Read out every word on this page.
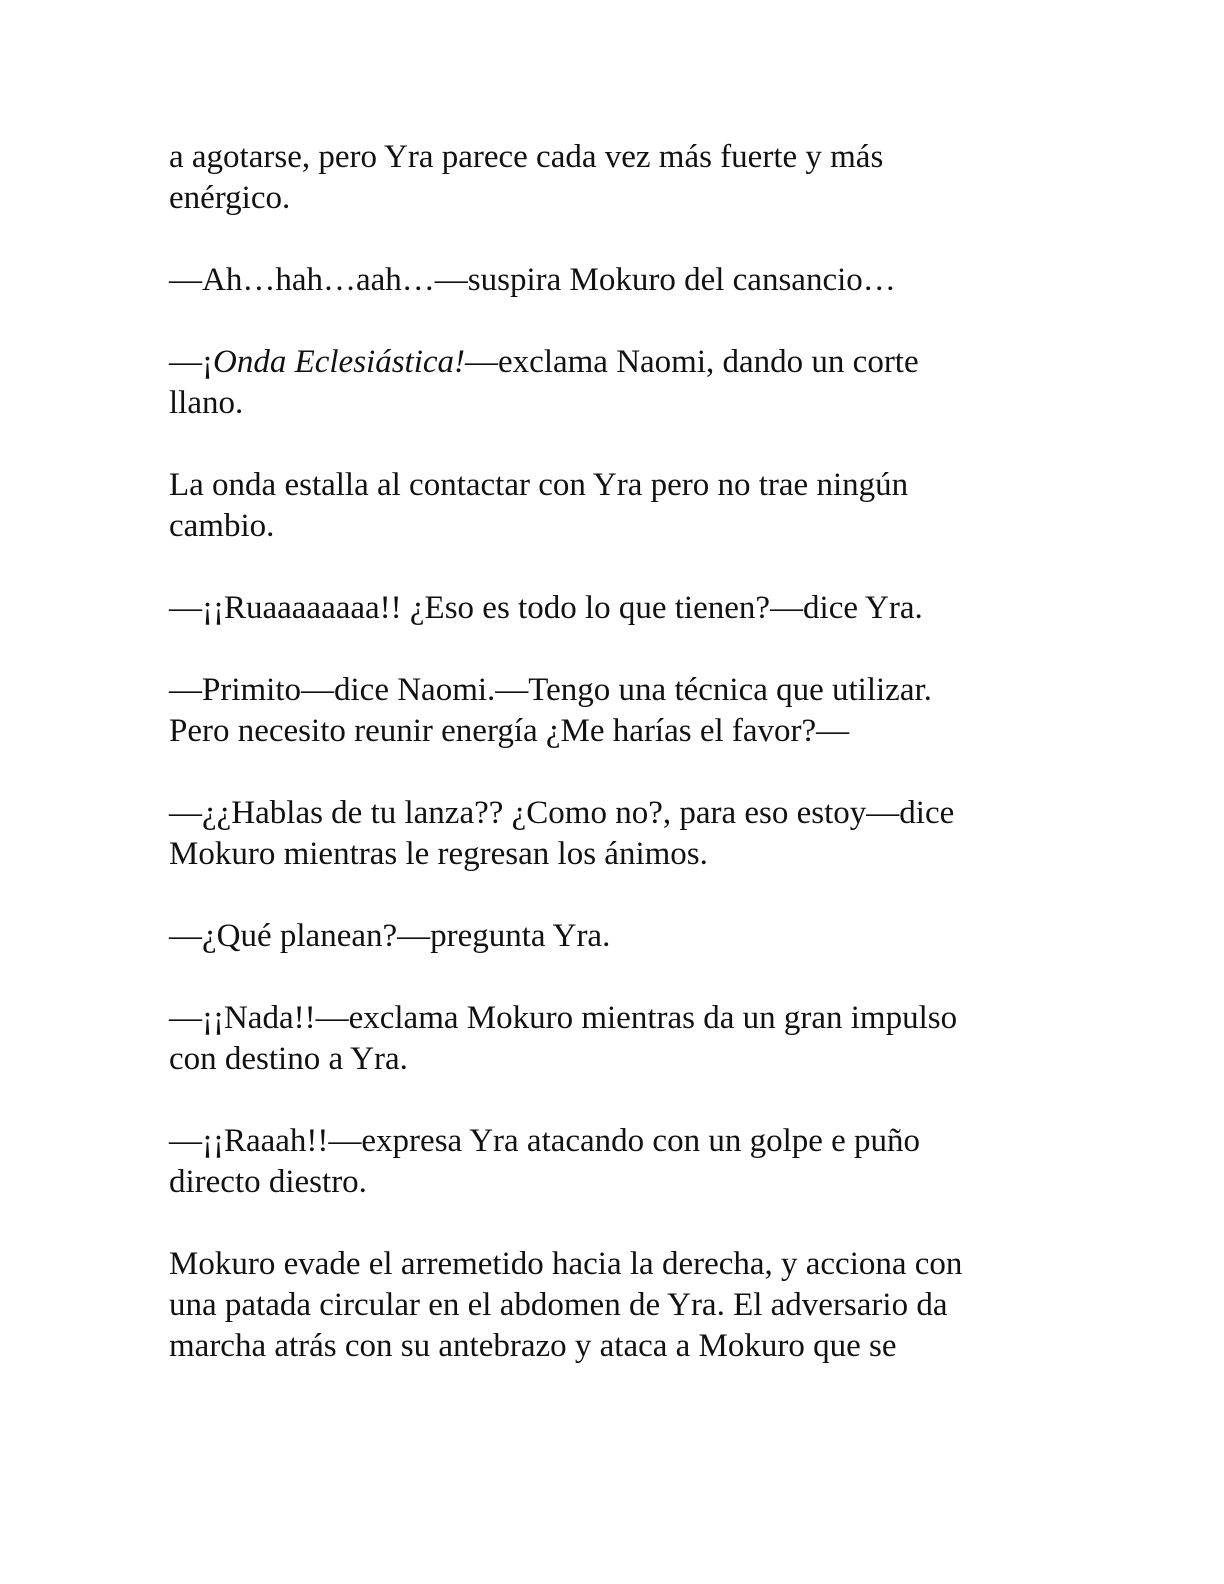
a agotarse, pero Yra parece cada vez más fuerte y más
enérgico.

—Ah…hah…aah…—suspira Mokuro del cansancio…

—¡Onda Eclesiástica!—exclama Naomi, dando un corte
llano.

La onda estalla al contactar con Yra pero no trae ningún
cambio.

—¡¡Ruaaaaaaaa!! ¿Eso es todo lo que tienen?—dice Yra.

—Primito—dice Naomi.—Tengo una técnica que utilizar.
Pero necesito reunir energía ¿Me harías el favor?—

—¿¿Hablas de tu lanza?? ¿Como no?, para eso estoy—dice
Mokuro mientras le regresan los ánimos.

—¿Qué planean?—pregunta Yra.

—¡¡Nada!!—exclama Mokuro mientras da un gran impulso
con destino a Yra.

—¡¡Raaah!!—expresa Yra atacando con un golpe e puño
directo diestro.

Mokuro evade el arremetido hacia la derecha, y acciona con
una patada circular en el abdomen de Yra. El adversario da
marcha atrás con su antebrazo y ataca a Mokuro que se
